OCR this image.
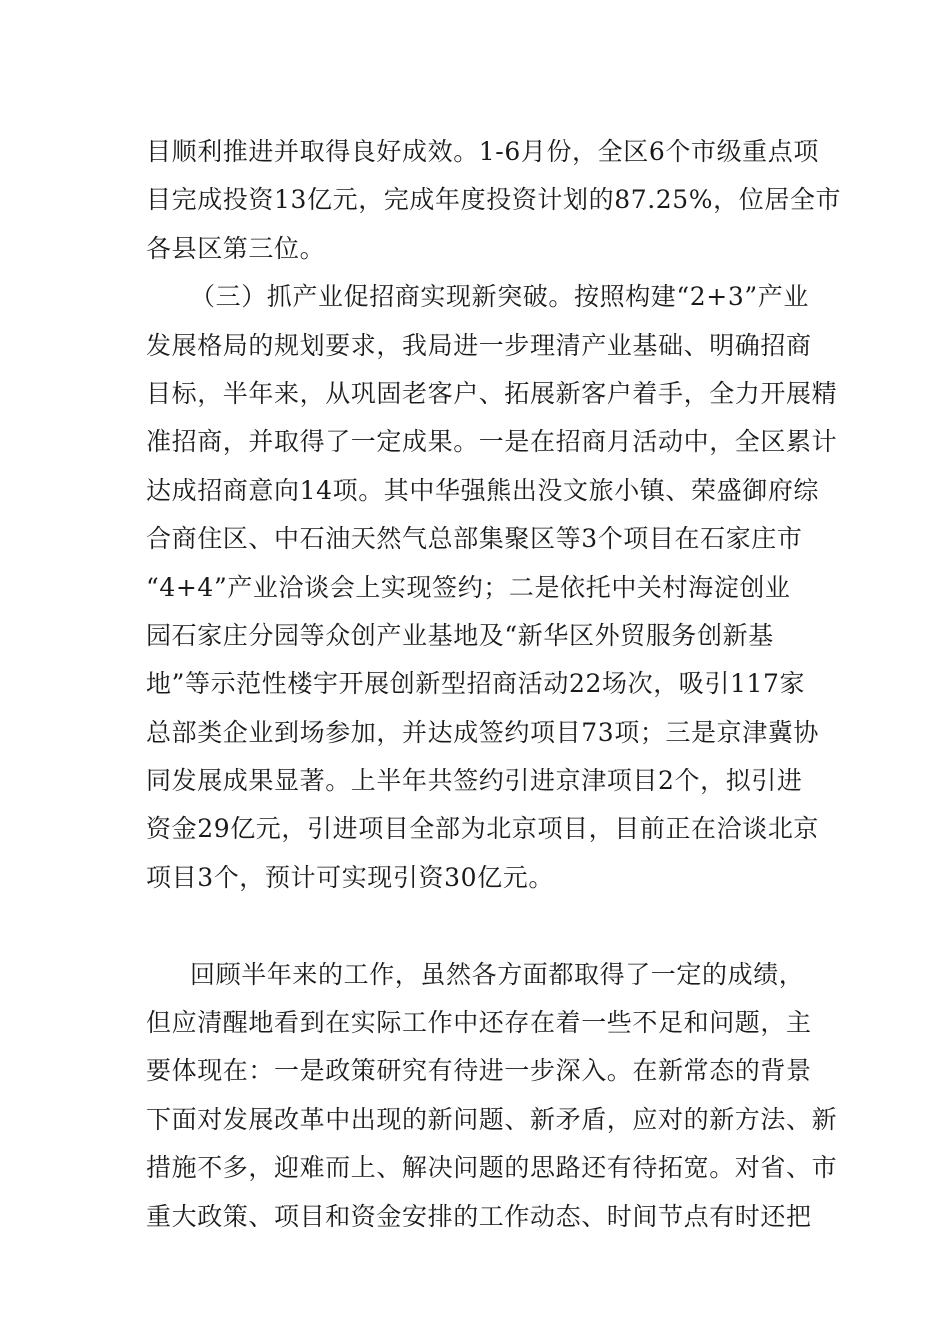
目顺利推进并取得良好成效。1-6月份，全区6个市级重点项
目完成投资13亿元，完成年度投资计划的87.25%，位居全市
各县区第三位。
（三）抓产业促招商实现新突破。按照构建“2+3”产业
发展格局的规划要求，我局进一步理清产业基础、明确招商
目标，半年来，从巩固老客户、拓展新客户着手，全力开展精
准招商，并取得了一定成果。一是在招商月活动中，全区累计
达成招商意向14项。其中华强熊出没文旅小镇、荣盛御府综
合商住区、中石油天然气总部集聚区等3个项目在石家庄市
“4+4”产业洽谈会上实现签约；二是依托中关村海淀创业
园石家庄分园等众创产业基地及“新华区外贸服务创新基
地”等示范性楼宇开展创新型招商活动22场次，吸引117家
总部类企业到场参加，并达成签约项目73项；三是京津冀协
同发展成果显著。上半年共签约引进京津项目2个，拟引进
资金29亿元，引进项目全部为北京项目，目前正在洽谈北京
项目3个，预计可实现引资30亿元。
回顾半年来的工作，虽然各方面都取得了一定的成绩，
但应清醒地看到在实际工作中还存在着一些不足和问题，主
要体现在：一是政策研究有待进一步深入。在新常态的背景
下面对发展改革中出现的新问题、新矛盾，应对的新方法、新
措施不多，迎难而上、解决问题的思路还有待拓宽。对省、市
重大政策、项目和资金安排的工作动态、时间节点有时还把
